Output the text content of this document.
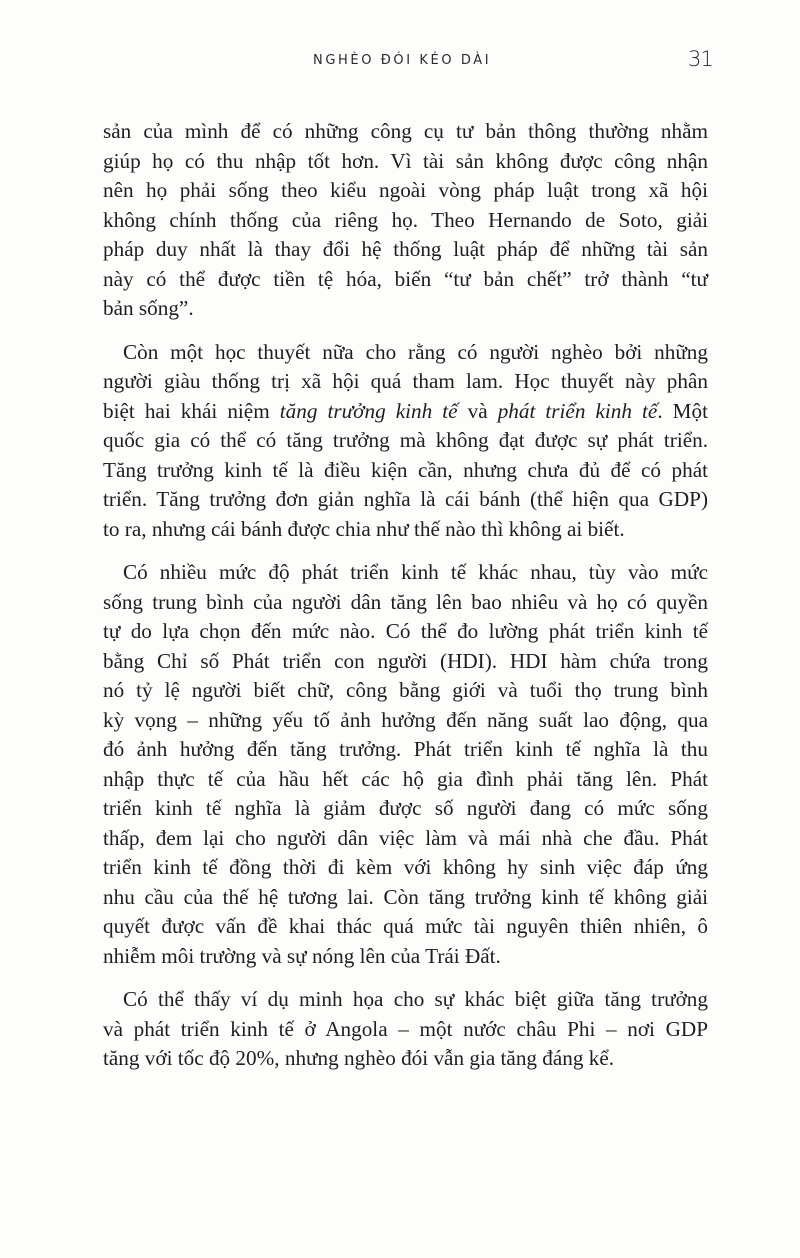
NGHÈO ĐÓI KÉO DÀI	31
sản của mình để có những công cụ tư bản thông thường nhằm
giúp họ có thu nhập tốt hơn. Vì tài sản không được công nhận
nên họ phải sống theo kiểu ngoài vòng pháp luật trong xã hội
không chính thống của riêng họ. Theo Hernando de Soto, giải
pháp duy nhất là thay đổi hệ thống luật pháp để những tài sản
này có thể được tiền tệ hóa, biến “tư bản chết” trở thành “tư
bản sống”.
Còn một học thuyết nữa cho rằng có người nghèo bởi những
người giàu thống trị xã hội quá tham lam. Học thuyết này phân
biệt hai khái niệm tăng trưởng kinh tế và phát triển kinh tế. Một
quốc gia có thể có tăng trưởng mà không đạt được sự phát triển.
Tăng trưởng kinh tế là điều kiện cần, nhưng chưa đủ để có phát
triển. Tăng trưởng đơn giản nghĩa là cái bánh (thể hiện qua GDP)
to ra, nhưng cái bánh được chia như thế nào thì không ai biết.
Có nhiều mức độ phát triển kinh tế khác nhau, tùy vào mức
sống trung bình của người dân tăng lên bao nhiêu và họ có quyền
tự do lựa chọn đến mức nào. Có thể đo lường phát triển kinh tế
bằng Chỉ số Phát triển con người (HDI). HDI hàm chứa trong
nó tỷ lệ người biết chữ, công bằng giới và tuổi thọ trung bình
kỳ vọng – những yếu tố ảnh hưởng đến năng suất lao động, qua
đó ảnh hưởng đến tăng trưởng. Phát triển kinh tế nghĩa là thu
nhập thực tế của hầu hết các hộ gia đình phải tăng lên. Phát
triển kinh tế nghĩa là giảm được số người đang có mức sống
thấp, đem lại cho người dân việc làm và mái nhà che đầu. Phát
triển kinh tế đồng thời đi kèm với không hy sinh việc đáp ứng
nhu cầu của thế hệ tương lai. Còn tăng trưởng kinh tế không giải
quyết được vấn đề khai thác quá mức tài nguyên thiên nhiên, ô
nhiễm môi trường và sự nóng lên của Trái Đất.
Có thể thấy ví dụ minh họa cho sự khác biệt giữa tăng trưởng
và phát triển kinh tế ở Angola – một nước châu Phi – nơi GDP
tăng với tốc độ 20%, nhưng nghèo đói vẫn gia tăng đáng kể.
